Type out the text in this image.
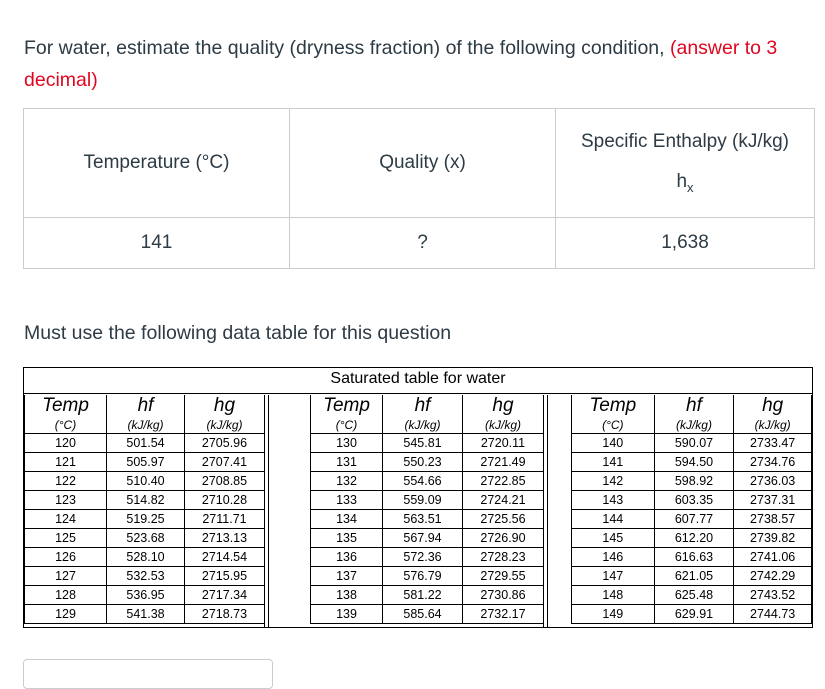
For water, estimate the quality (dryness fraction) of the following condition, (answer to 3 decimal)
Temperature (°C)	Quality (x)	Specific Enthalpy (kJ/kg)
$h_x$

141	?	1,638
Must use the following data table for this question
Saturated table for water
Temp	hf	hg
(°C)	(kJ/kg)	(kJ/kg)
120	501.54	2705.96
121	505.97	2707.41
122	510.40	2708.85
123	514.82	2710.28
124	519.25	2711.71
125	523.68	2713.13
126	528.10	2714.54
127	532.53	2715.95
128	536.95	2717.34
129	541.38	2718.73
Temp	hf	hg
(°C)	(kJ/kg)	(kJ/kg)
130	545.81	2720.11
131	550.23	2721.49
132	554.66	2722.85
133	559.09	2724.21
134	563.51	2725.56
135	567.94	2726.90
136	572.36	2728.23
137	576.79	2729.55
138	581.22	2730.86
139	585.64	2732.17
Temp	hf	hg
(°C)	(kJ/kg)	(kJ/kg)
140	590.07	2733.47
141	594.50	2734.76
142	598.92	2736.03
143	603.35	2737.31
144	607.77	2738.57
145	612.20	2739.82
146	616.63	2741.06
147	621.05	2742.29
148	625.48	2743.52
149	629.91	2744.73
